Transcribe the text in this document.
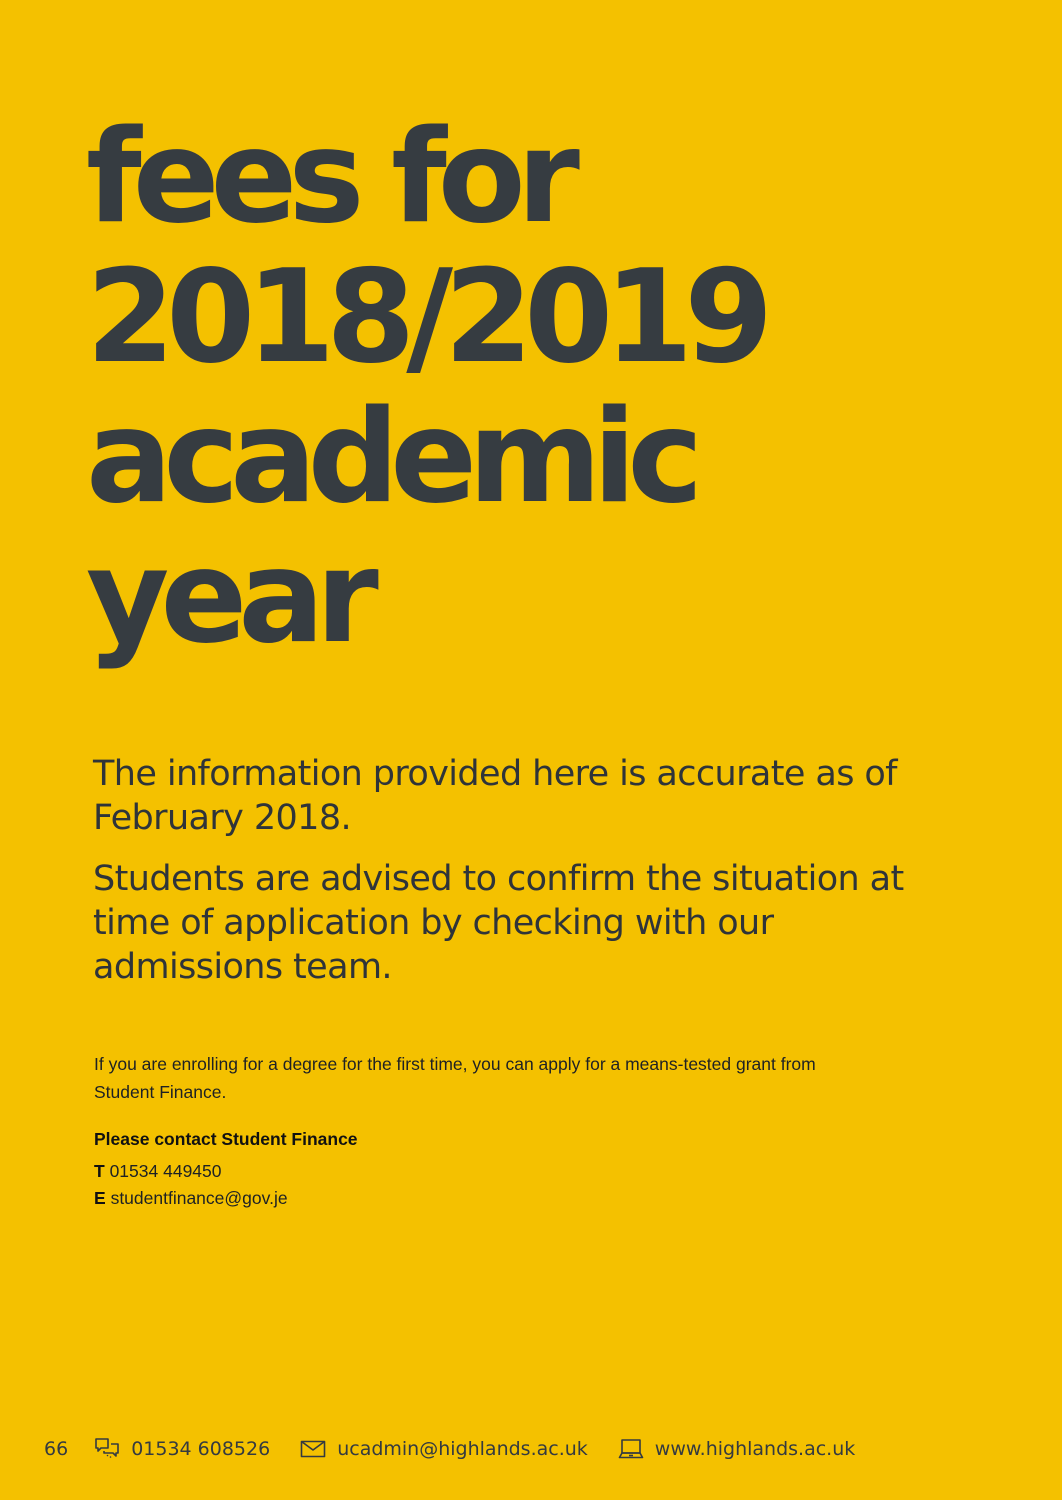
fees for
2018/2019
academic
year

The information provided here is accurate as of February 2018.

Students are advised to confirm the situation at time of application by checking with our admissions team.

If you are enrolling for a degree for the first time, you can apply for a means-tested grant from Student Finance.

Please contact Student Finance

T 01534 449450

E studentfinance@gov.je

66	01534 608526	ucadmin@highlands.ac.uk	www.highlands.ac.uk
